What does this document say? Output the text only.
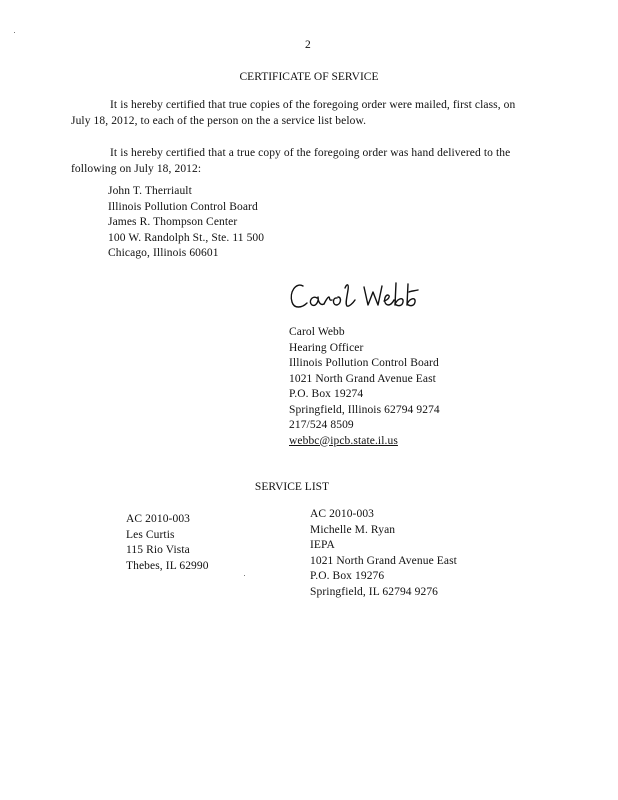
2
CERTIFICATE OF SERVICE
It is hereby certified that true copies of the foregoing order were mailed, first class, on
July 18, 2012, to each of the person on the a service list below.
It is hereby certified that a true copy of the foregoing order was hand delivered to the
following on July 18, 2012:
John T. Therriault
Illinois Pollution Control Board
James R. Thompson Center
100 W. Randolph St., Ste. 11 500
Chicago, Illinois 60601
Carol Webb
Hearing Officer
Illinois Pollution Control Board
1021 North Grand Avenue East
P.O. Box 19274
Springfield, Illinois 62794 9274
217/524 8509
webbc@ipcb.state.il.us
SERVICE LIST
AC 2010-003
Les Curtis
115 Rio Vista
Thebes, IL 62990
AC 2010-003
Michelle M. Ryan
IEPA
1021 North Grand Avenue East
P.O. Box 19276
Springfield, IL 62794 9276
